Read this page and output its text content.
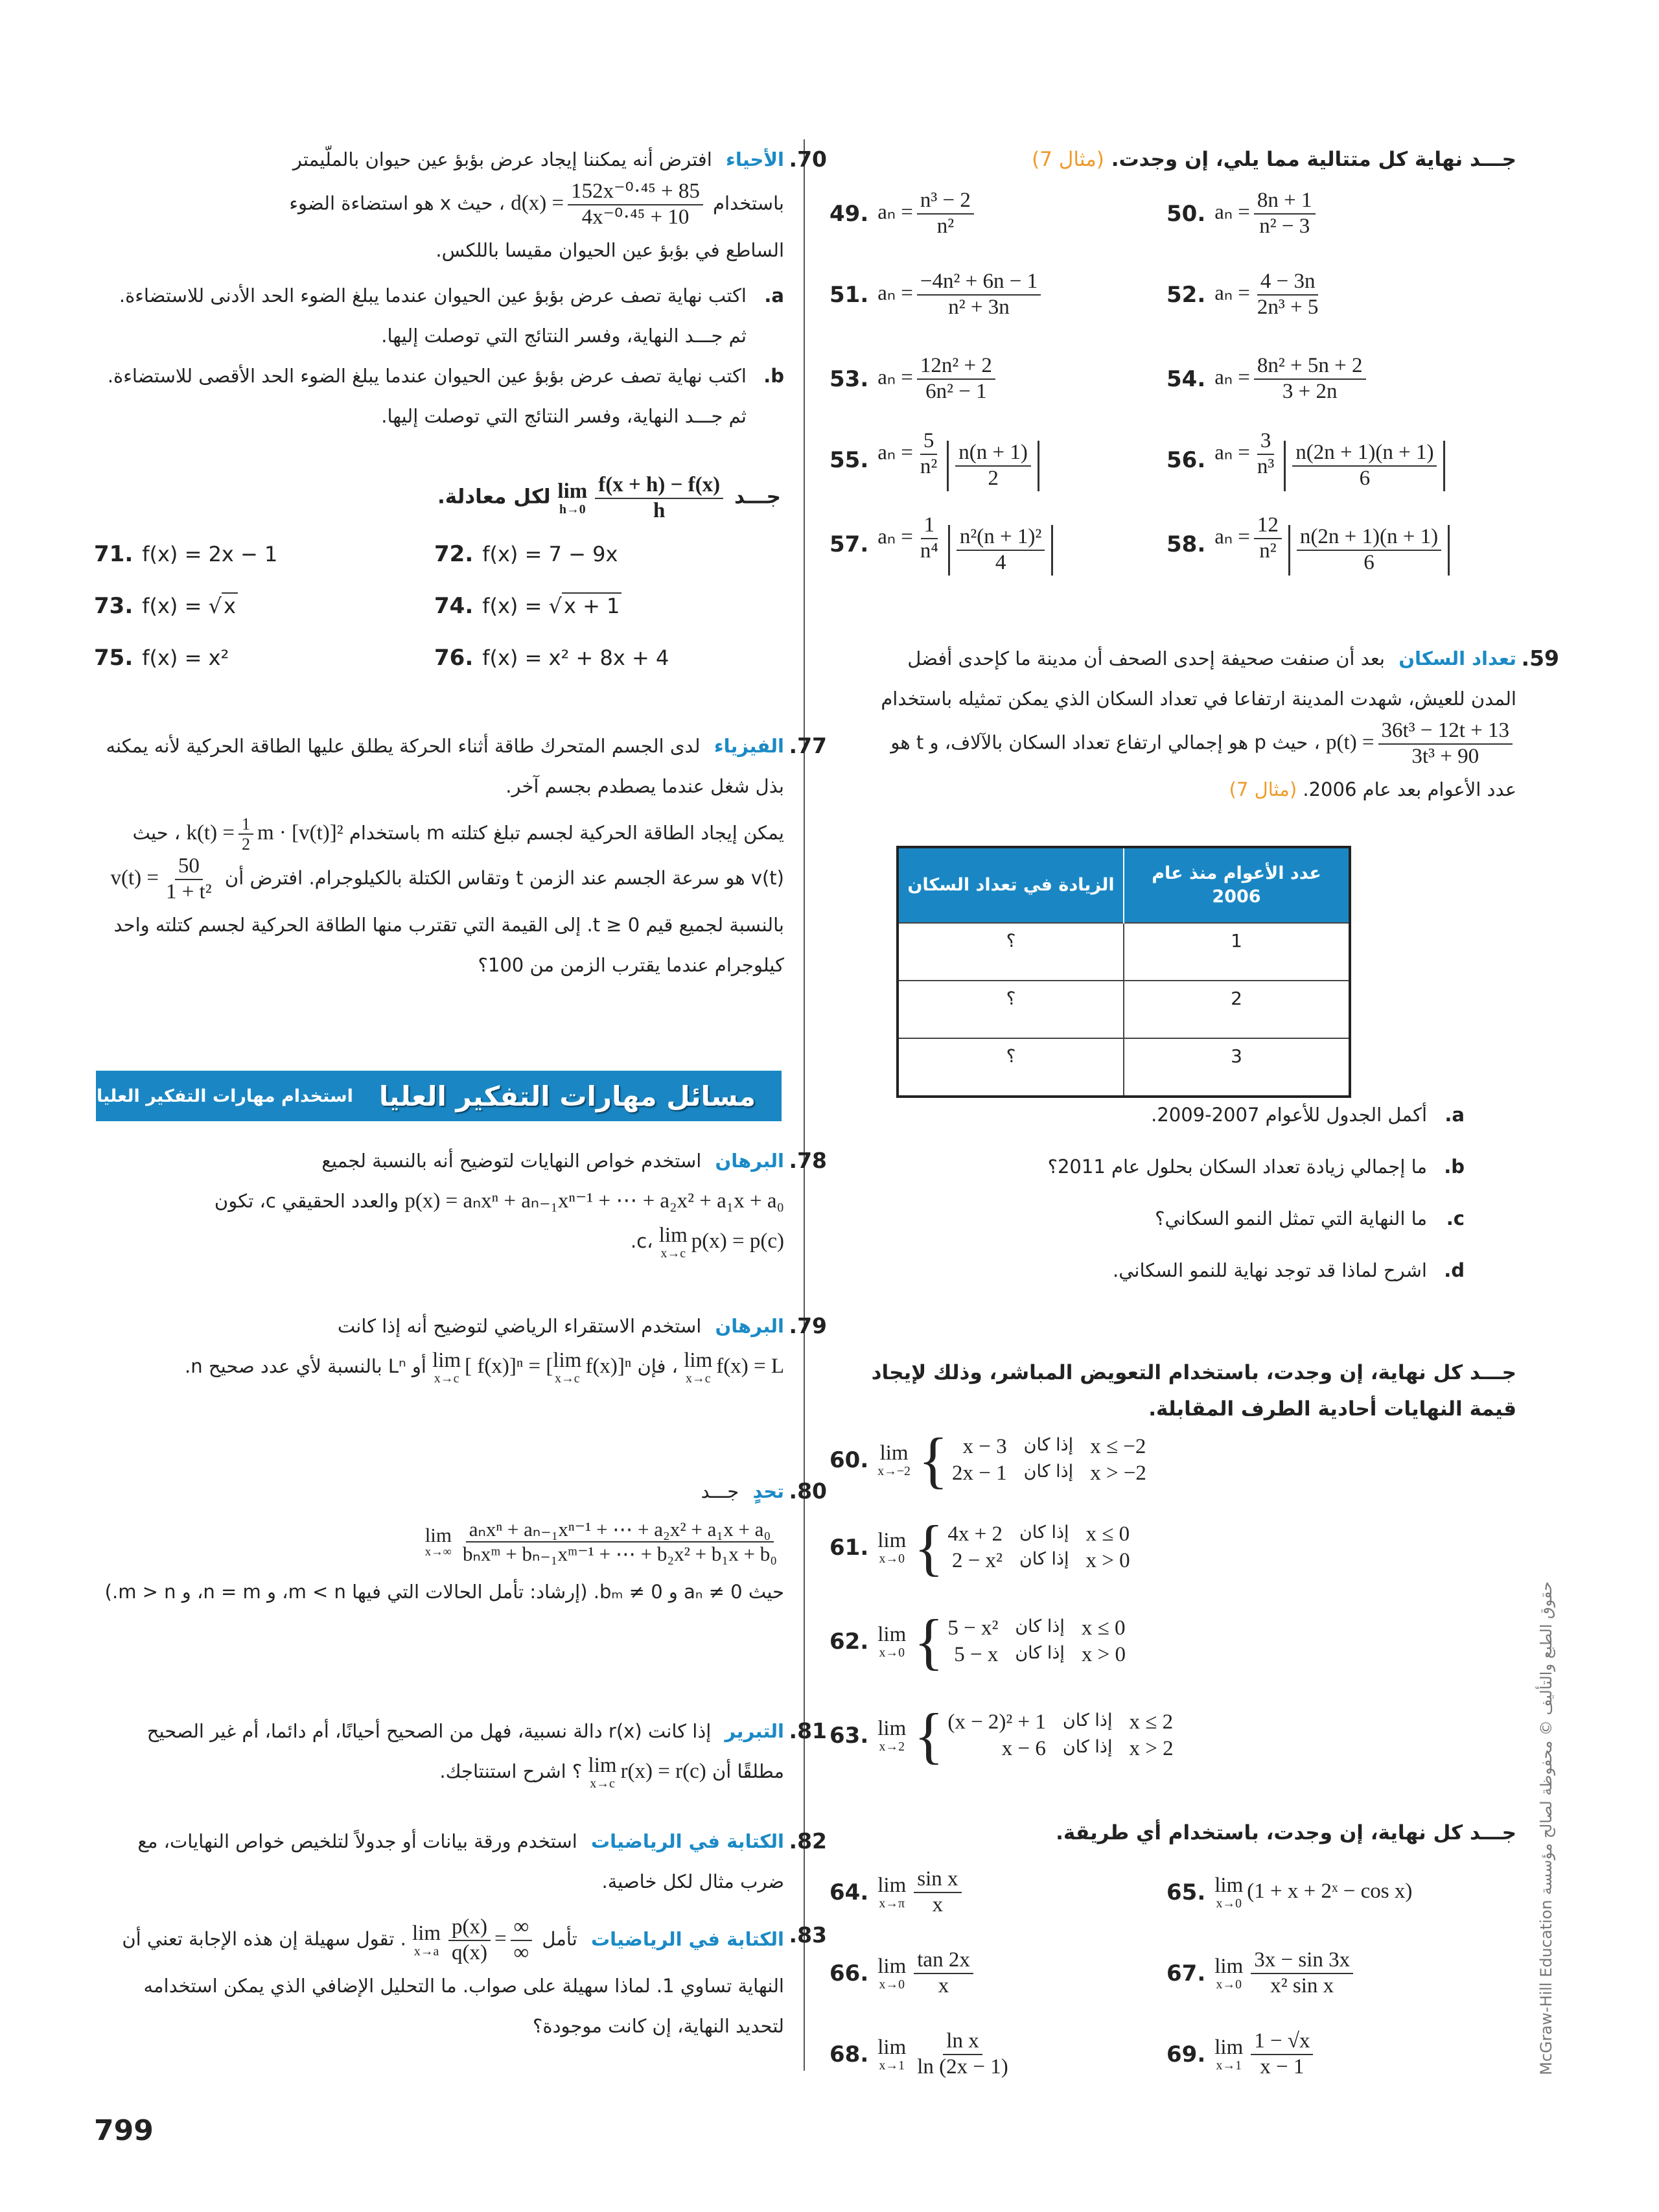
70.
الأحياء افترض أنه يمكننا إيجاد عرض بؤبؤ عين حيوان بالملّيمتر
باستخدام $d(x) = \frac{\text{152x⁻⁰·⁴⁵ + 85}}{\text{4x⁻⁰·⁴⁵ + 10}}$
، حيث x هو استضاءة الضوء
الساطع في بؤبؤ عين الحيوان مقيسا باللكس.
a.
اكتب نهاية تصف عرض بؤبؤ عين الحيوان عندما يبلغ الضوء الحد الأدنى للاستضاءة. ثم جـــد النهاية، وفسر النتائج التي توصلت إليها.
b.
اكتب نهاية تصف عرض بؤبؤ عين الحيوان عندما يبلغ الضوء الحد الأقصى للاستضاءة. ثم جـــد النهاية، وفسر النتائج التي توصلت إليها.
جـــد
lim
$h\to 0 \frac{f(x + h) - f(x)}{h}$
لكل معادلة.
71. f(x) = 2x − 1	72. f(x) = 7 − 9x
73. f(x) = √x	74. f(x) = √x + 1
75. f(x) = x²	76. f(x) = x² + 8x + 4
77.
الفيزياء لدى الجسم المتحرك طاقة أثناء الحركة يطلق عليها الطاقة الحركية لأنه يمكنه بذل شغل عندما يصطدم بجسم آخر.
يمكن إيجاد الطاقة الحركية لجسم تبلغ كتلته m باستخدام $k(t) = \frac{1}{2}$ m · [v(t)]² ، حيث v(t) هو سرعة الجسم عند الزمن t وتقاس الكتلة بالكيلوجرام. افترض أن $v(t) = \frac{50}{\text{1 + t²}}$
بالنسبة لجميع قيم t ≥ 0. إلى القيمة التي تقترب منها الطاقة الحركية لجسم كتلته واحد كيلوجرام عندما يقترب الزمن من 100؟
مسائل مهارات التفكير العليا
استخدام مهارات التفكير العليا
78.
البرهان استخدم خواص النهايات لتوضيح أنه بالنسبة لجميع
p(x) = aₙxⁿ + aₙ₋₁xⁿ⁻¹ + ⋯ + a₂x² + a₁x + a₀ والعدد الحقيقي c، تكون
lim
x→c
p(x) = p(c) ،c.
79.
البرهان استخدم الاستقراء الرياضي لتوضيح أنه إذا كانت

lim
x→c
f(x) = L ، فإن
lim
x→c
[ f(x)]ⁿ = [ lim
x→c
f(x)]ⁿ أو Lⁿ بالنسبة لأي عدد صحيح n.
80.
تحدٍ جـــد
lim
$x\to\infty \frac{\text{aₙxⁿ + aₙ₋₁xⁿ⁻¹ + ⋯ + a₂x² + a₁x + a₀}}{\text{bₙxᵐ + bₙ₋₁xᵐ⁻¹ + ⋯ + b₂x² + b₁x + b₀}}$
حيث aₙ ≠ 0 و bₘ ≠ 0. (إرشاد: تأمل الحالات التي فيها m < n، و n = m، و m > n.)
81.
التبرير إذا كانت r(x) دالة نسبية، فهل من الصحيح أحيانًا، أم دائما، أم غير الصحيح مطلقًا أن
lim
x→c
r(x) = r(c) ؟ اشرح استنتاجك.
82.
الكتابة في الرياضيات استخدم ورقة بيانات أو جدولاً لتلخيص خواص النهايات، مع ضرب مثال لكل خاصية.
83.
الكتابة في الرياضيات تأمل
lim
$x\to a \frac{p(x)}{q(x)} = \frac{\infty}{\infty}$
. تقول سهيلة إن هذه الإجابة تعني أن النهاية تساوي 1. لماذا سهيلة على صواب. ما التحليل الإضافي الذي يمكن استخدامه لتحديد النهاية، إن كانت موجودة؟
جـــد نهاية كل متتالية مما يلي، إن وجدت. (مثال 7)
49. $a_n = \frac{\text{n³ − 2}}{\text{n²}}$	50. $a_n = \frac{8n + 1}{\text{n² − 3}}$
51. $a_n = \frac{\text{−4n² + 6n − 1}}{\text{n² + 3n}}$	52. $a_n = \frac{4 - 3n}{\text{2n³ + 5}}$
53. $a_n = \frac{\text{12n² + 2}}{\text{6n² − 1}}$	54. $a_n = \frac{\text{8n² + 5n + 2}}{3 + 2n}$
55. $a_n = \frac{5}{\text{n²}} \frac{n(n + 1)}{2}$	56. $a_n = \frac{3}{\text{n³}} \frac{n(2n + 1)(n + 1)}{6}$
57. $a_n = \frac{1}{\text{n⁴}} \frac{\text{n²(n + 1)²}}{4}$	58. $a_n = \frac{12}{\text{n²}} \frac{n(2n + 1)(n + 1)}{6}$
59.
تعداد السكان بعد أن صنفت صحيفة إحدى الصحف أن مدينة ما كإحدى أفضل المدن للعيش، شهدت المدينة ارتفاعا في تعداد السكان الذي يمكن تمثيله باستخدام $p(t) = \frac{\text{36t³ − 12t + 13}}{\text{3t³ + 90}}$
، حيث p هو إجمالي ارتفاع تعداد السكان بالآلاف، و t هو عدد الأعوام بعد عام 2006. (مثال 7)
عدد الأعوام منذ عام 2006	الزيادة في تعداد السكان
1	؟
2	؟
3	؟
a.
أكمل الجدول للأعوام 2007-2009.
b.
ما إجمالي زيادة تعداد السكان بحلول عام 2011؟
c.
ما النهاية التي تمثل النمو السكاني؟
d.
اشرح لماذا قد توجد نهاية للنمو السكاني.
جـــد كل نهاية، إن وجدت، باستخدام التعويض المباشر، وذلك لإيجاد قيمة النهايات أحادية الطرف المقابلة.
60. lim
x→−2 { x − 3 إذا كان x ≤ −2
2x − 1 إذا كان x > −2
61. lim
x→0 { 4x + 2 إذا كان x ≤ 0
2 − x² إذا كان x > 0
62. lim
x→0 { 5 − x² إذا كان x ≤ 0
5 − x إذا كان x > 0
63. lim
x→2 { (x − 2)² + 1 إذا كان x ≤ 2
x − 6 إذا كان x > 2
جـــد كل نهاية، إن وجدت، باستخدام أي طريقة.
64. lim
$x\to\pi \frac{\text{sin x}}{x}$	65. lim
x→0
(1 + x + 2ˣ − cos x)
66. lim
$x\to 0 \frac{\tan 2x}{x}$	67. lim
$x\to 0 \frac{3x - \sin 3x}{\text{x² sin x}}$
68. lim
$x\to 1 \frac{\text{ln x}}{\ln (2x - 1)}$	69. lim
$x\to 1 \frac{1 - √x}{x - 1}$
799
حقوق الطبع والتأليف © محفوظة لصالح مؤسسة McGraw-Hill Education
